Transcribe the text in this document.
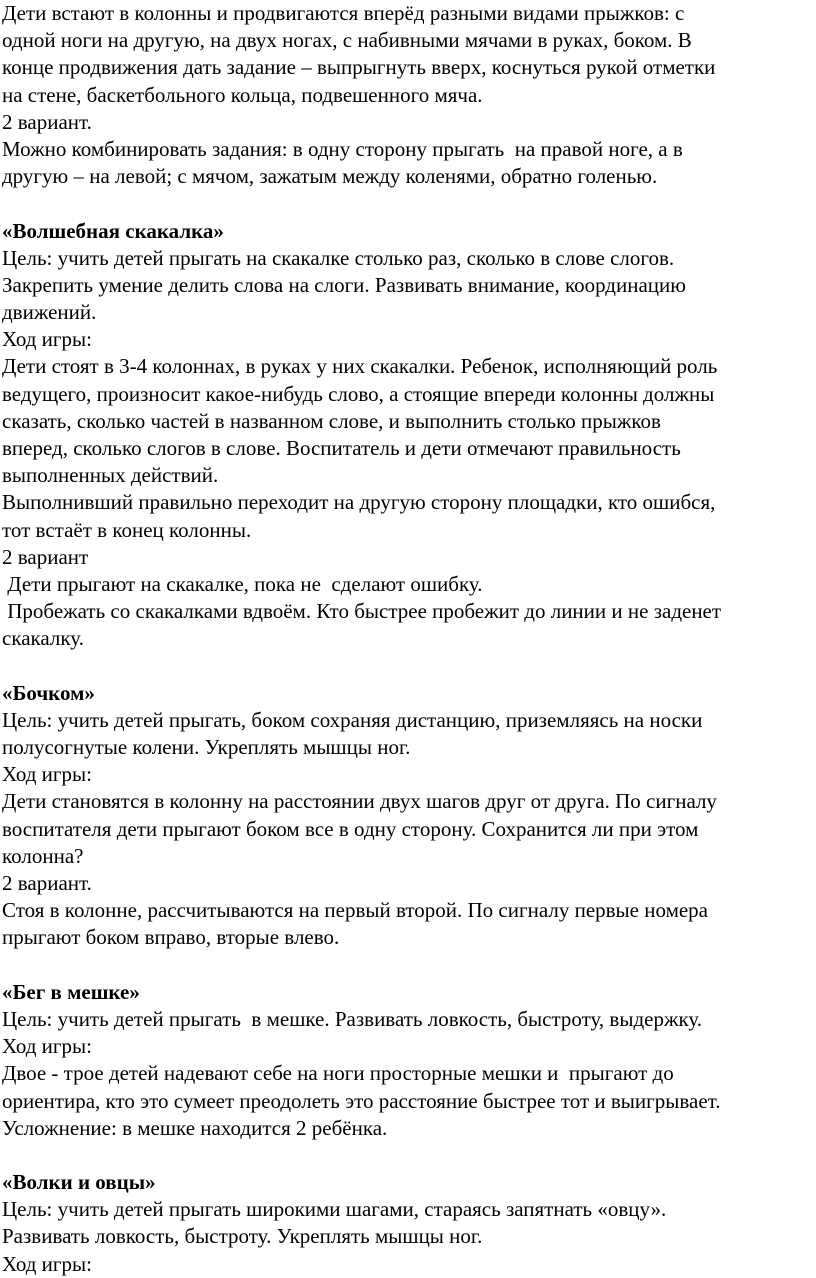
Дети встают в колонны и продвигаются вперёд разными видами прыжков: с
одной ноги на другую, на двух ногах, с набивными мячами в руках, боком. В
конце продвижения дать задание – выпрыгнуть вверх, коснуться рукой отметки
на стене, баскетбольного кольца, подвешенного мяча.
2 вариант.
Можно комбинировать задания: в одну сторону прыгать  на правой ноге, а в
другую – на левой; с мячом, зажатым между коленями, обратно голенью.
«Волшебная скакалка»
Цель: учить детей прыгать на скакалке столько раз, сколько в слове слогов.
Закрепить умение делить слова на слоги. Развивать внимание, координацию
движений.
Ход игры:
Дети стоят в 3-4 колоннах, в руках у них скакалки. Ребенок, исполняющий роль
ведущего, произносит какое-нибудь слово, а стоящие впереди колонны должны
сказать, сколько частей в названном слове, и выполнить столько прыжков
вперед, сколько слогов в слове. Воспитатель и дети отмечают правильность
выполненных действий.
Выполнивший правильно переходит на другую сторону площадки, кто ошибся,
тот встаёт в конец колонны.
2 вариант
Дети прыгают на скакалке, пока не  сделают ошибку.
Пробежать со скакалками вдвоём. Кто быстрее пробежит до линии и не заденет
скакалку.
«Бочком»
Цель: учить детей прыгать, боком сохраняя дистанцию, приземляясь на носки
полусогнутые колени. Укреплять мышцы ног.
Ход игры:
Дети становятся в колонну на расстоянии двух шагов друг от друга. По сигналу
воспитателя дети прыгают боком все в одну сторону. Сохранится ли при этом
колонна?
2 вариант.
Стоя в колонне, рассчитываются на первый второй. По сигналу первые номера
прыгают боком вправо, вторые влево.
«Бег в мешке»
Цель: учить детей прыгать  в мешке. Развивать ловкость, быстроту, выдержку.
Ход игры:
Двое - трое детей надевают себе на ноги просторные мешки и  прыгают до
ориентира, кто это сумеет преодолеть это расстояние быстрее тот и выигрывает.
Усложнение: в мешке находится 2 ребёнка.
«Волки и овцы»
Цель: учить детей прыгать широкими шагами, стараясь запятнать «овцу».
Развивать ловкость, быстроту. Укреплять мышцы ног.
Ход игры:
